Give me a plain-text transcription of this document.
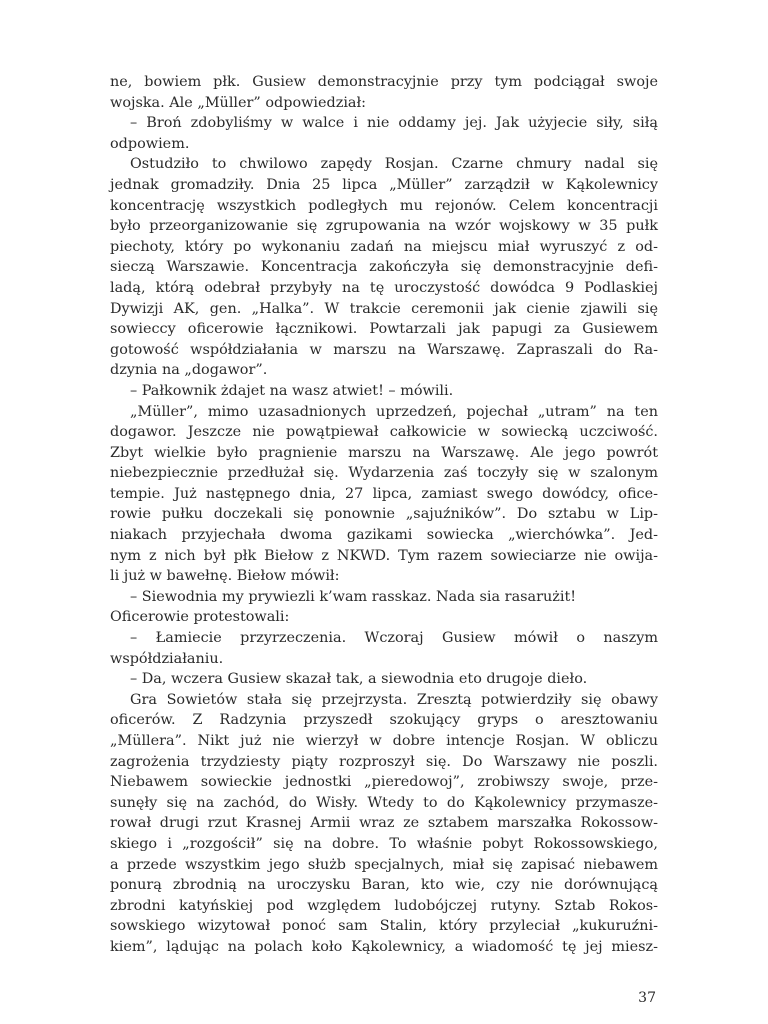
ne, bowiem płk. Gusiew demonstracyjnie przy tym podciągał swoje
wojska. Ale „Müller” odpowiedział:
– Broń zdobyliśmy w walce i nie oddamy jej. Jak użyjecie siły, siłą
odpowiem.
Ostudziło to chwilowo zapędy Rosjan. Czarne chmury nadal się
jednak gromadziły. Dnia 25 lipca „Müller” zarządził w Kąkolewnicy
koncentrację wszystkich podległych mu rejonów. Celem koncentracji
było przeorganizowanie się zgrupowania na wzór wojskowy w 35 pułk
piechoty, który po wykonaniu zadań na miejscu miał wyruszyć z od-
sieczą Warszawie. Koncentracja zakończyła się demonstracyjnie defi-
ladą, którą odebrał przybyły na tę uroczystość dowódca 9 Podlaskiej
Dywizji AK, gen. „Halka”. W trakcie ceremonii jak cienie zjawili się
sowieccy oficerowie łącznikowi. Powtarzali jak papugi za Gusiewem
gotowość współdziałania w marszu na Warszawę. Zapraszali do Ra-
dzynia na „dogawor”.
– Pałkownik żdajet na wasz atwiet! – mówili.
„Müller”, mimo uzasadnionych uprzedzeń, pojechał „utram” na ten
dogawor. Jeszcze nie powątpiewał całkowicie w sowiecką uczciwość.
Zbyt wielkie było pragnienie marszu na Warszawę. Ale jego powrót
niebezpiecznie przedłużał się. Wydarzenia zaś toczyły się w szalonym
tempie. Już następnego dnia, 27 lipca, zamiast swego dowódcy, ofice-
rowie pułku doczekali się ponownie „sajuźników”. Do sztabu w Lip-
niakach przyjechała dwoma gazikami sowiecka „wierchówka”. Jed-
nym z nich był płk Biełow z NKWD. Tym razem sowieciarze nie owija-
li już w bawełnę. Biełow mówił:
– Siewodnia my prywiezli k’wam rasskaz. Nada sia rasarużit!
Oficerowie protestowali:
– Łamiecie przyrzeczenia. Wczoraj Gusiew mówił o naszym
współdziałaniu.
– Da, wczera Gusiew skazał tak, a siewodnia eto drugoje dieło.
Gra Sowietów stała się przejrzysta. Zresztą potwierdziły się obawy
oficerów. Z Radzynia przyszedł szokujący gryps o aresztowaniu
„Müllera”. Nikt już nie wierzył w dobre intencje Rosjan. W obliczu
zagrożenia trzydziesty piąty rozproszył się. Do Warszawy nie poszli.
Niebawem sowieckie jednostki „pieredowoj”, zrobiwszy swoje, prze-
sunęły się na zachód, do Wisły. Wtedy to do Kąkolewnicy przymasze-
rował drugi rzut Krasnej Armii wraz ze sztabem marszałka Rokossow-
skiego i „rozgościł” się na dobre. To właśnie pobyt Rokossowskiego,
a przede wszystkim jego służb specjalnych, miał się zapisać niebawem
ponurą zbrodnią na uroczysku Baran, kto wie, czy nie dorównującą
zbrodni katyńskiej pod względem ludobójczej rutyny. Sztab Rokos-
sowskiego wizytował ponoć sam Stalin, który przyleciał „kukuruźni-
kiem”, lądując na polach koło Kąkolewnicy, a wiadomość tę jej miesz-
37
